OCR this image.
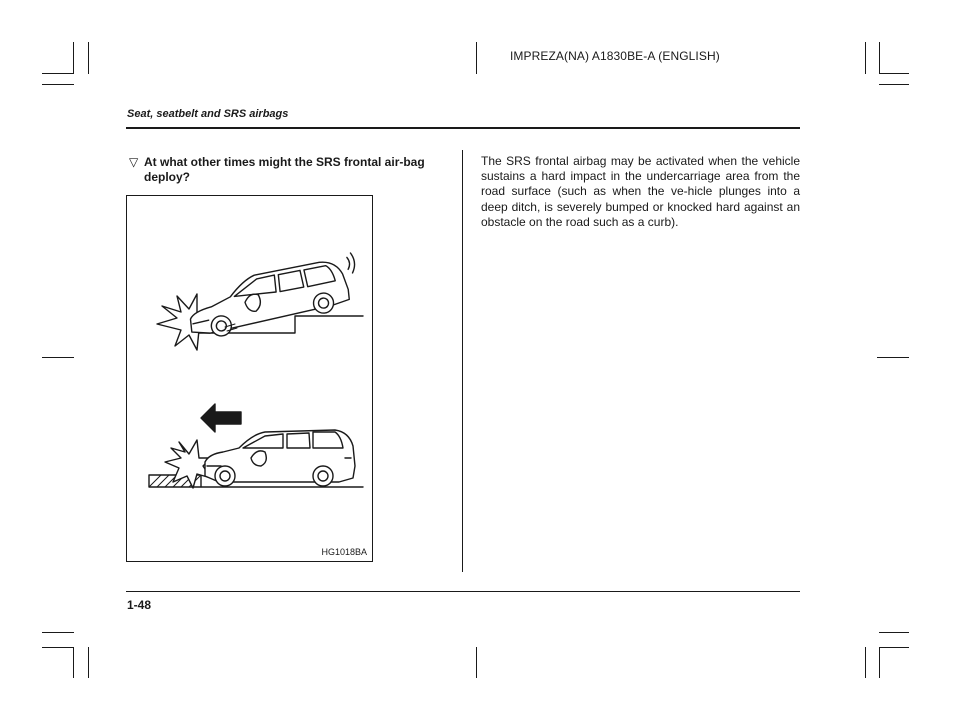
IMPREZA(NA) A1830BE-A (ENGLISH)
Seat, seatbelt and SRS airbags
▽ At what other times might the SRS frontal air-bag deploy?
HG1018BA
The SRS frontal airbag may be activated when the vehicle sustains a hard impact in the undercarriage area from the road surface (such as when the ve-hicle plunges into a deep ditch, is severely bumped or knocked hard against an obstacle on the road such as a curb).
1-48
